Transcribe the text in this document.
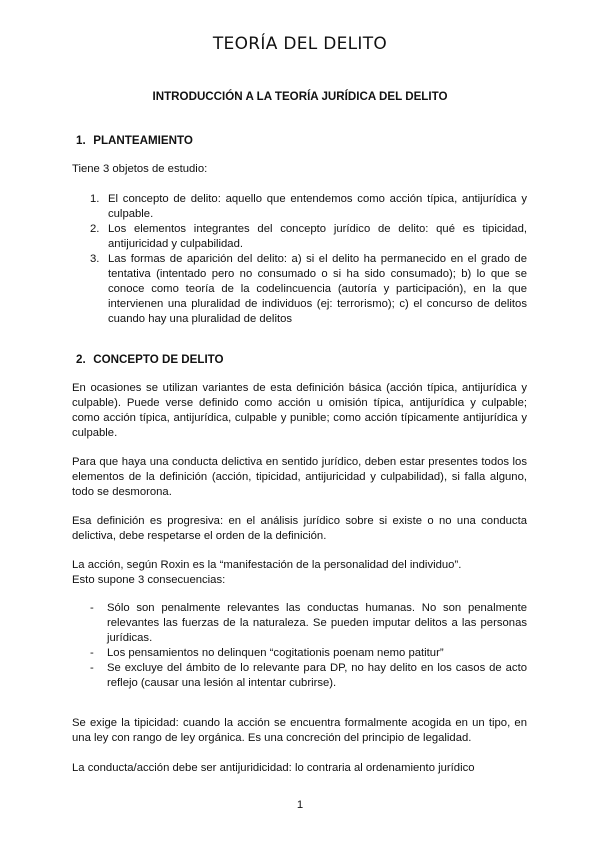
TEORÍA DEL DELITO
INTRODUCCIÓN A LA TEORÍA JURÍDICA DEL DELITO
1. PLANTEAMIENTO

Tiene 3 objetos de estudio:

1. El concepto de delito: aquello que entendemos como acción típica, antijurídica y culpable.
2. Los elementos integrantes del concepto jurídico de delito: qué es tipicidad, antijuricidad y culpabilidad.
3. Las formas de aparición del delito: a) si el delito ha permanecido en el grado de tentativa (intentado pero no consumado o si ha sido consumado); b) lo que se conoce como teoría de la codelincuencia (autoría y participación), en la que intervienen una pluralidad de individuos (ej: terrorismo); c) el concurso de delitos cuando hay una pluralidad de delitos
2. CONCEPTO DE DELITO

En ocasiones se utilizan variantes de esta definición básica (acción típica, antijurídica y culpable). Puede verse definido como acción u omisión típica, antijurídica y culpable; como acción típica, antijurídica, culpable y punible; como acción típicamente antijurídica y culpable.

Para que haya una conducta delictiva en sentido jurídico, deben estar presentes todos los elementos de la definición (acción, tipicidad, antijuricidad y culpabilidad), si falla alguno, todo se desmorona.

Esa definición es progresiva: en el análisis jurídico sobre si existe o no una conducta delictiva, debe respetarse el orden de la definición.

La acción, según Roxin es la “manifestación de la personalidad del individuo”.
Esto supone 3 consecuencias:

- Sólo son penalmente relevantes las conductas humanas. No son penalmente relevantes las fuerzas de la naturaleza. Se pueden imputar delitos a las personas jurídicas.
- Los pensamientos no delinquen “cogitationis poenam nemo patitur”
- Se excluye del ámbito de lo relevante para DP, no hay delito en los casos de acto reflejo (causar una lesión al intentar cubrirse).

Se exige la tipicidad: cuando la acción se encuentra formalmente acogida en un tipo, en una ley con rango de ley orgánica. Es una concreción del principio de legalidad.

La conducta/acción debe ser antijuridicidad: lo contraria al ordenamiento jurídico

1
